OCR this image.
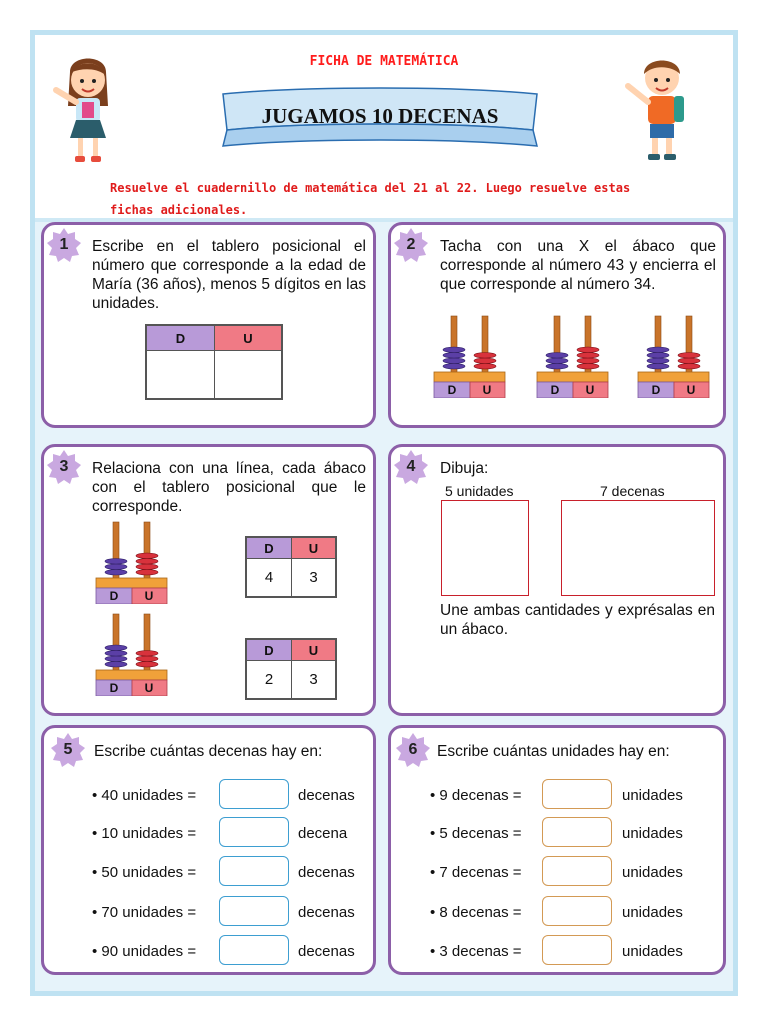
FICHA DE MATEMÁTICA
JUGAMOS 10 DECENAS
Resuelve el cuadernillo de matemática del 21 al 22. Luego resuelve estas fichas adicionales.
1	Escribe en el tablero posicional el número que corresponde a la edad de María (36 años), menos 5 dígitos en las unidades.
D	U
2	Tacha con una X el ábaco que corresponde al número 43 y encierra el que corresponde al número 34.
D U	D U	D U
3	Relaciona con una línea, cada ábaco con el tablero posicional que le corresponde.
D U
D U
D	U
4	3
D	U
2	3
4	Dibuja:
5 unidades	7 decenas
Une ambas cantidades y exprésalas en un ábaco.
5	Escribe cuántas decenas hay en:
• 40 unidades =	decenas
• 10 unidades =	decena
• 50 unidades =	decenas
• 70 unidades =	decenas
• 90 unidades =	decenas
6	Escribe cuántas unidades hay en:
• 9 decenas =	unidades
• 5 decenas =	unidades
• 7 decenas =	unidades
• 8 decenas =	unidades
• 3 decenas =	unidades
